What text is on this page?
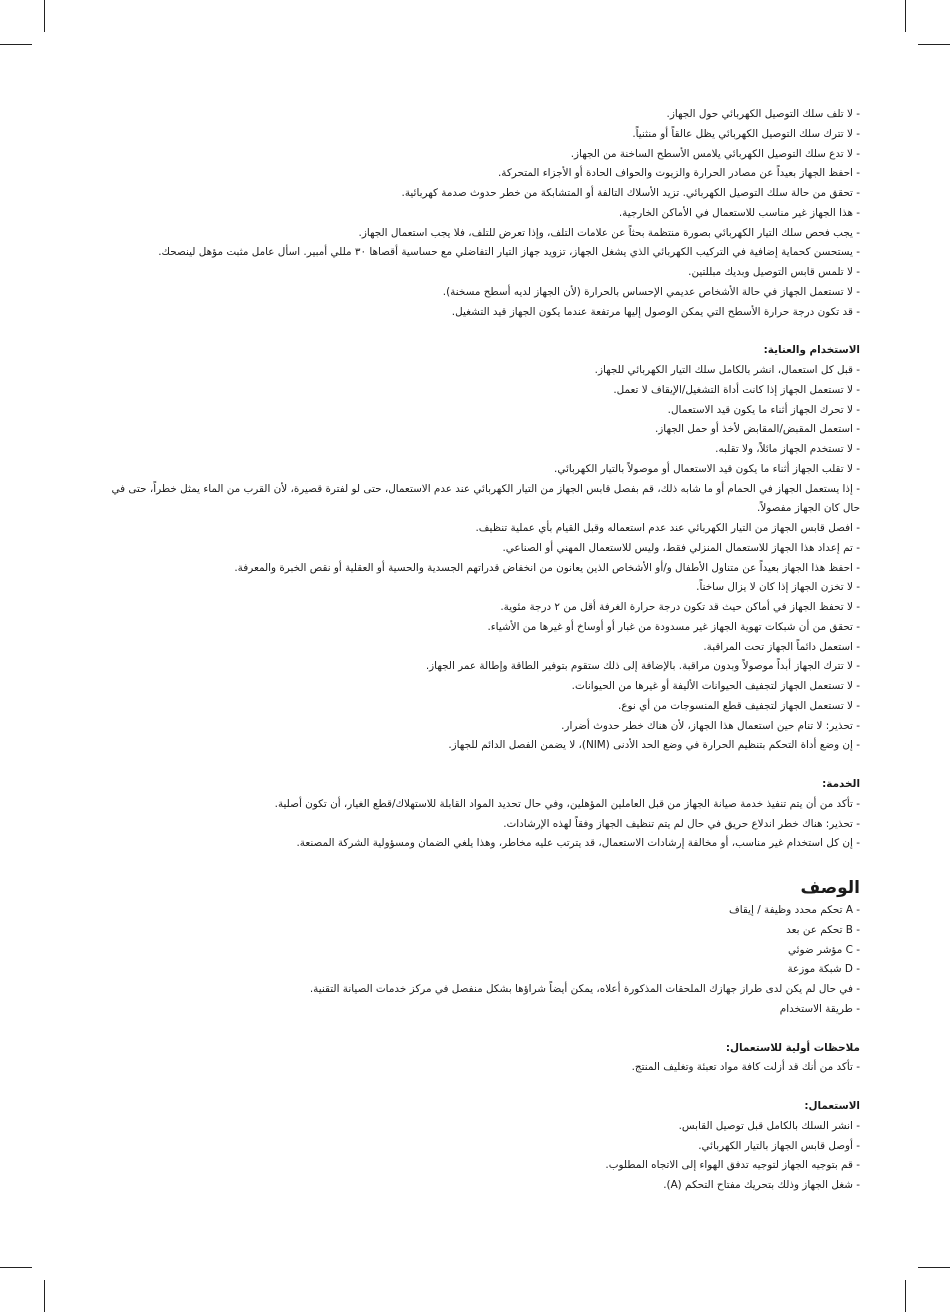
- لا تلف سلك التوصيل الكهربائي حول الجهاز.
- لا تترك سلك التوصيل الكهربائي يظل عالقاً أو منثنياً.
- لا تدع سلك التوصيل الكهربائي يلامس الأسطح الساخنة من الجهاز.
- احفظ الجهاز بعيداً عن مصادر الحرارة والزيوت والحواف الحادة أو الأجزاء المتحركة.
- تحقق من حالة سلك التوصيل الكهربائي. تزيد الأسلاك التالفة أو المتشابكة من خطر حدوث صدمة كهربائية.
- هذا الجهاز غير مناسب للاستعمال في الأماكن الخارجية.
- يجب فحص سلك التيار الكهربائي بصورة منتظمة بحثاً عن علامات التلف، وإذا تعرض للتلف، فلا يجب استعمال الجهاز.
- يستحسن كحماية إضافية في التركيب الكهربائي الذي يشغل الجهاز، تزويد جهاز التيار التفاضلي مع حساسية أقصاها ٣٠ مللي أمبير. اسأل عامل مثبت مؤهل لينصحك.
- لا تلمس قابس التوصيل وبديك مبللتين.
- لا تستعمل الجهاز في حالة الأشخاص عديمي الإحساس بالحرارة (لأن الجهاز لديه أسطح مسخنة).
- قد تكون درجة حرارة الأسطح التي يمكن الوصول إليها مرتفعة عندما يكون الجهاز قيد التشغيل.

الاستخدام والعناية:

- قبل كل استعمال، انشر بالكامل سلك التيار الكهربائي للجهاز.
- لا تستعمل الجهاز إذا كانت أداة التشغيل/الإيقاف لا تعمل.
- لا تحرك الجهاز أثناء ما يكون قيد الاستعمال.
- استعمل المقبض/المقابض لأخذ أو حمل الجهاز.
- لا تستخدم الجهاز مائلاً، ولا تقلبه.
- لا تقلب الجهاز أثناء ما يكون قيد الاستعمال أو موصولاً بالتيار الكهربائي.
- إذا يستعمل الجهاز في الحمام أو ما شابه ذلك، قم بفصل قابس الجهاز من التيار الكهربائي عند عدم الاستعمال، حتى لو لفترة قصيرة، لأن القرب من الماء يمثل خطراً، حتى في حال كان الجهاز مفصولاً.
- افصل قابس الجهاز من التيار الكهربائي عند عدم استعماله وقبل القيام بأي عملية تنظيف.
- تم إعداد هذا الجهاز للاستعمال المنزلي فقط، وليس للاستعمال المهني أو الصناعي.
- احفظ هذا الجهاز بعيداً عن متناول الأطفال و/أو الأشخاص الذين يعانون من انخفاض قدراتهم الجسدية والحسية أو العقلية أو نقص الخبرة والمعرفة.
- لا تخزن الجهاز إذا كان لا يزال ساخناً.
- لا تحفظ الجهاز في أماكن حيث قد تكون درجة حرارة الغرفة أقل من ٢ درجة مئوية.
- تحقق من أن شبكات تهوية الجهاز غير مسدودة من غبار أو أوساخ أو غيرها من الأشياء.
- استعمل دائماً الجهاز تحت المراقبة.
- لا تترك الجهاز أبداً موصولاً وبدون مراقبة. بالإضافة إلى ذلك ستقوم بتوفير الطاقة وإطالة عمر الجهاز.
- لا تستعمل الجهاز لتجفيف الحيوانات الأليفة أو غيرها من الحيوانات.
- لا تستعمل الجهاز لتجفيف قطع المنسوجات من أي نوع.
- تحذير: لا تنام حين استعمال هذا الجهاز، لأن هناك خطر حدوث أضرار.
- إن وضع أداة التحكم بتنظيم الحرارة في وضع الحد الأدنى (NIM)، لا يضمن الفصل الدائم للجهاز.

الخدمة:

- تأكد من أن يتم تنفيذ خدمة صيانة الجهاز من قبل العاملين المؤهلين، وفي حال تحديد المواد القابلة للاستهلاك/قطع الغيار، أن تكون أصلية.
- تحذير: هناك خطر اندلاع حريق في حال لم يتم تنظيف الجهاز وفقاً لهذه الإرشادات.
- إن كل استخدام غير مناسب، أو مخالفة إرشادات الاستعمال، قد يترتب عليه مخاطر، وهذا يلغي الضمان ومسؤولية الشركة المصنعة.

الوصف

- A تحكم محدد وظيفة / إيقاف
- B تحكم عن بعد
- C مؤشر ضوئي
- D شبكة موزعة
- في حال لم يكن لدى طراز جهازك الملحقات المذكورة أعلاه، يمكن أيضاً شراؤها بشكل منفصل في مركز خدمات الصيانة التقنية.
- طريقة الاستخدام

ملاحظات أولية للاستعمال:

- تأكد من أنك قد أزلت كافة مواد تعبئة وتغليف المنتج.

الاستعمال:

- انشر السلك بالكامل قبل توصيل القابس.
- أوصل قابس الجهاز بالتيار الكهربائي.
- قم بتوجيه الجهاز لتوجيه تدفق الهواء إلى الاتجاه المطلوب.
- شغل الجهاز وذلك بتحريك مفتاح التحكم (A).
